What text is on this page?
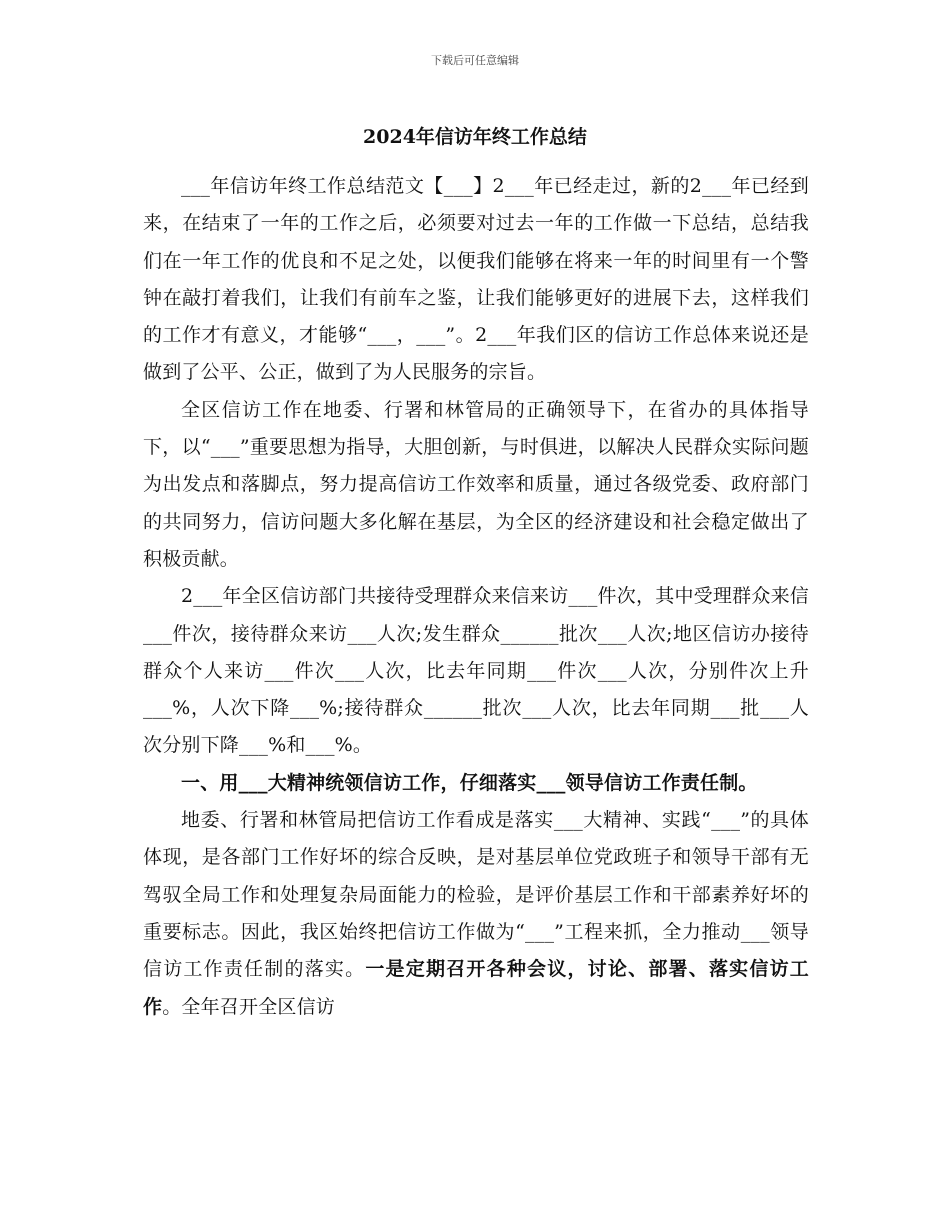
下载后可任意编辑
2024年信访年终工作总结

___年信访年终工作总结范文【___】2___年已经走过，新的2___年已经到来，在结束了一年的工作之后，必须要对过去一年的工作做一下总结，总结我们在一年工作的优良和不足之处，以便我们能够在将来一年的时间里有一个警钟在敲打着我们，让我们有前车之鉴，让我们能够更好的进展下去，这样我们的工作才有意义，才能够“___，___”。2___年我们区的信访工作总体来说还是做到了公平、公正，做到了为人民服务的宗旨。

全区信访工作在地委、行署和林管局的正确领导下，在省办的具体指导下，以“___”重要思想为指导，大胆创新，与时俱进，以解决人民群众实际问题为出发点和落脚点，努力提高信访工作效率和质量，通过各级党委、政府部门的共同努力，信访问题大多化解在基层，为全区的经济建设和社会稳定做出了积极贡献。

2___年全区信访部门共接待受理群众来信来访___件次，其中受理群众来信___件次，接待群众来访___人次;发生群众______批次___人次;地区信访办接待群众个人来访___件次___人次，比去年同期___件次___人次，分别件次上升___%，人次下降___%;接待群众______批次___人次，比去年同期___批___人次分别下降___%和___%。

一、用___大精神统领信访工作，仔细落实___领导信访工作责任制。

地委、行署和林管局把信访工作看成是落实___大精神、实践“___”的具体体现，是各部门工作好坏的综合反映，是对基层单位党政班子和领导干部有无驾驭全局工作和处理复杂局面能力的检验，是评价基层工作和干部素养好坏的重要标志。因此，我区始终把信访工作做为“___”工程来抓，全力推动___领导信访工作责任制的落实。一是定期召开各种会议，讨论、部署、落实信访工作。全年召开全区信访
